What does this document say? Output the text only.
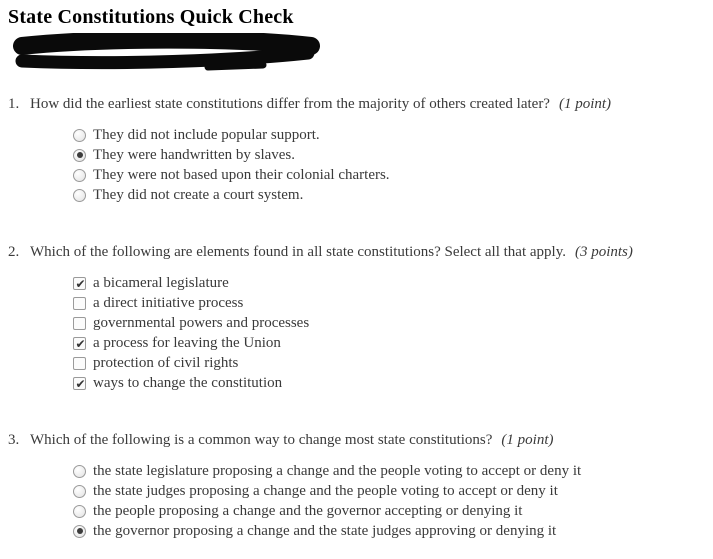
State Constitutions Quick Check
1. How did the earliest state constitutions differ from the majority of others created later? (1 point)
They did not include popular support.
They were handwritten by slaves.
They were not based upon their colonial charters.
They did not create a court system.
2. Which of the following are elements found in all state constitutions? Select all that apply. (3 points)
a bicameral legislature
a direct initiative process
governmental powers and processes
a process for leaving the Union
protection of civil rights
ways to change the constitution
3. Which of the following is a common way to change most state constitutions? (1 point)
the state legislature proposing a change and the people voting to accept or deny it
the state judges proposing a change and the people voting to accept or deny it
the people proposing a change and the governor accepting or denying it
the governor proposing a change and the state judges approving or denying it
